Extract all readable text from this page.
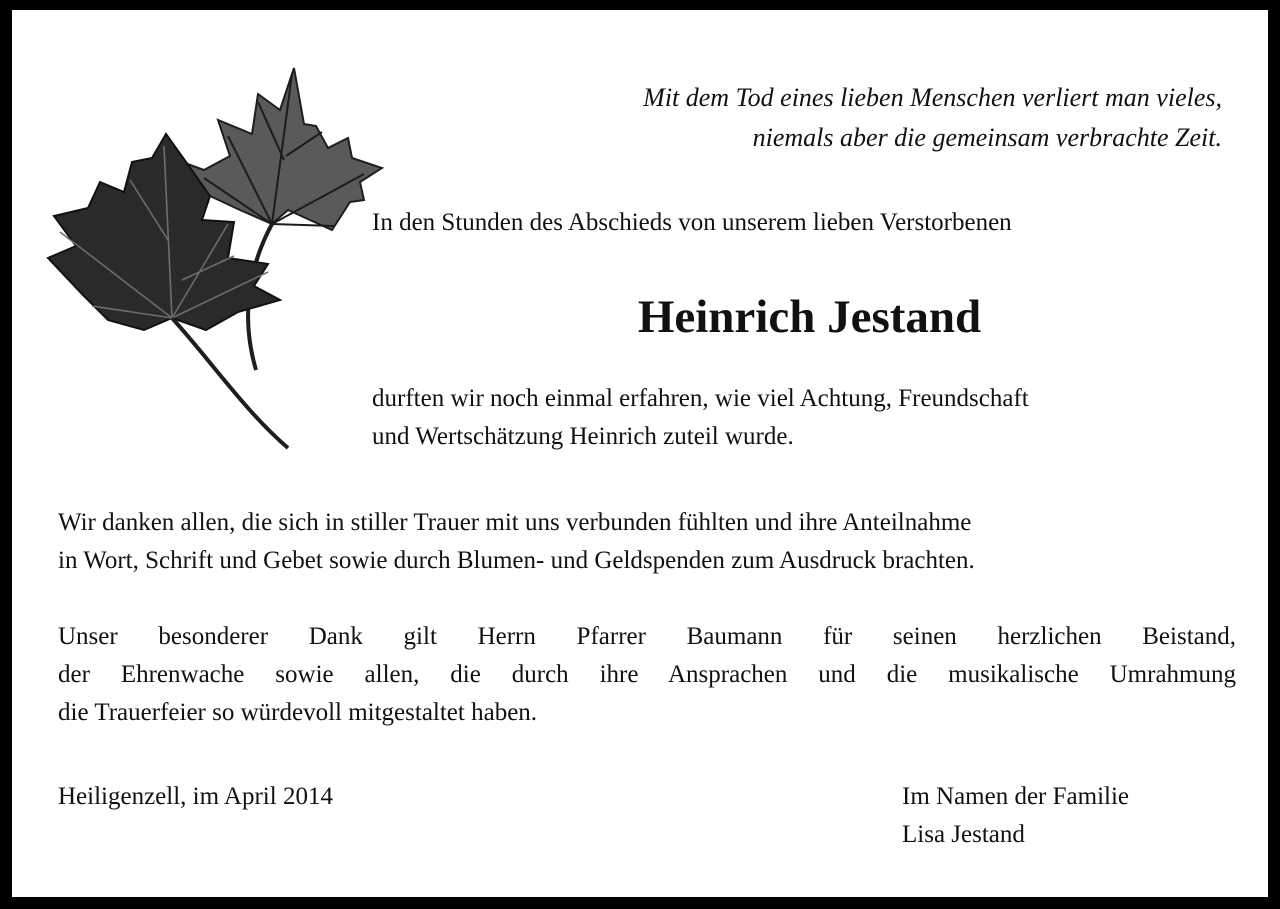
Mit dem Tod eines lieben Menschen verliert man vieles,
niemals aber die gemeinsam verbrachte Zeit.
In den Stunden des Abschieds von unserem lieben Verstorbenen
Heinrich Jestand
durften wir noch einmal erfahren, wie viel Achtung, Freundschaft
und Wertschätzung Heinrich zuteil wurde.
Wir danken allen, die sich in stiller Trauer mit uns verbunden fühlten und ihre Anteilnahme
in Wort, Schrift und Gebet sowie durch Blumen- und Geldspenden zum Ausdruck brachten.
Unser besonderer Dank gilt Herrn Pfarrer Baumann für seinen herzlichen Beistand,
der Ehrenwache sowie allen, die durch ihre Ansprachen und die musikalische Umrahmung
die Trauerfeier so würdevoll mitgestaltet haben.
Heiligenzell, im April 2014	Im Namen der Familie
Lisa Jestand
